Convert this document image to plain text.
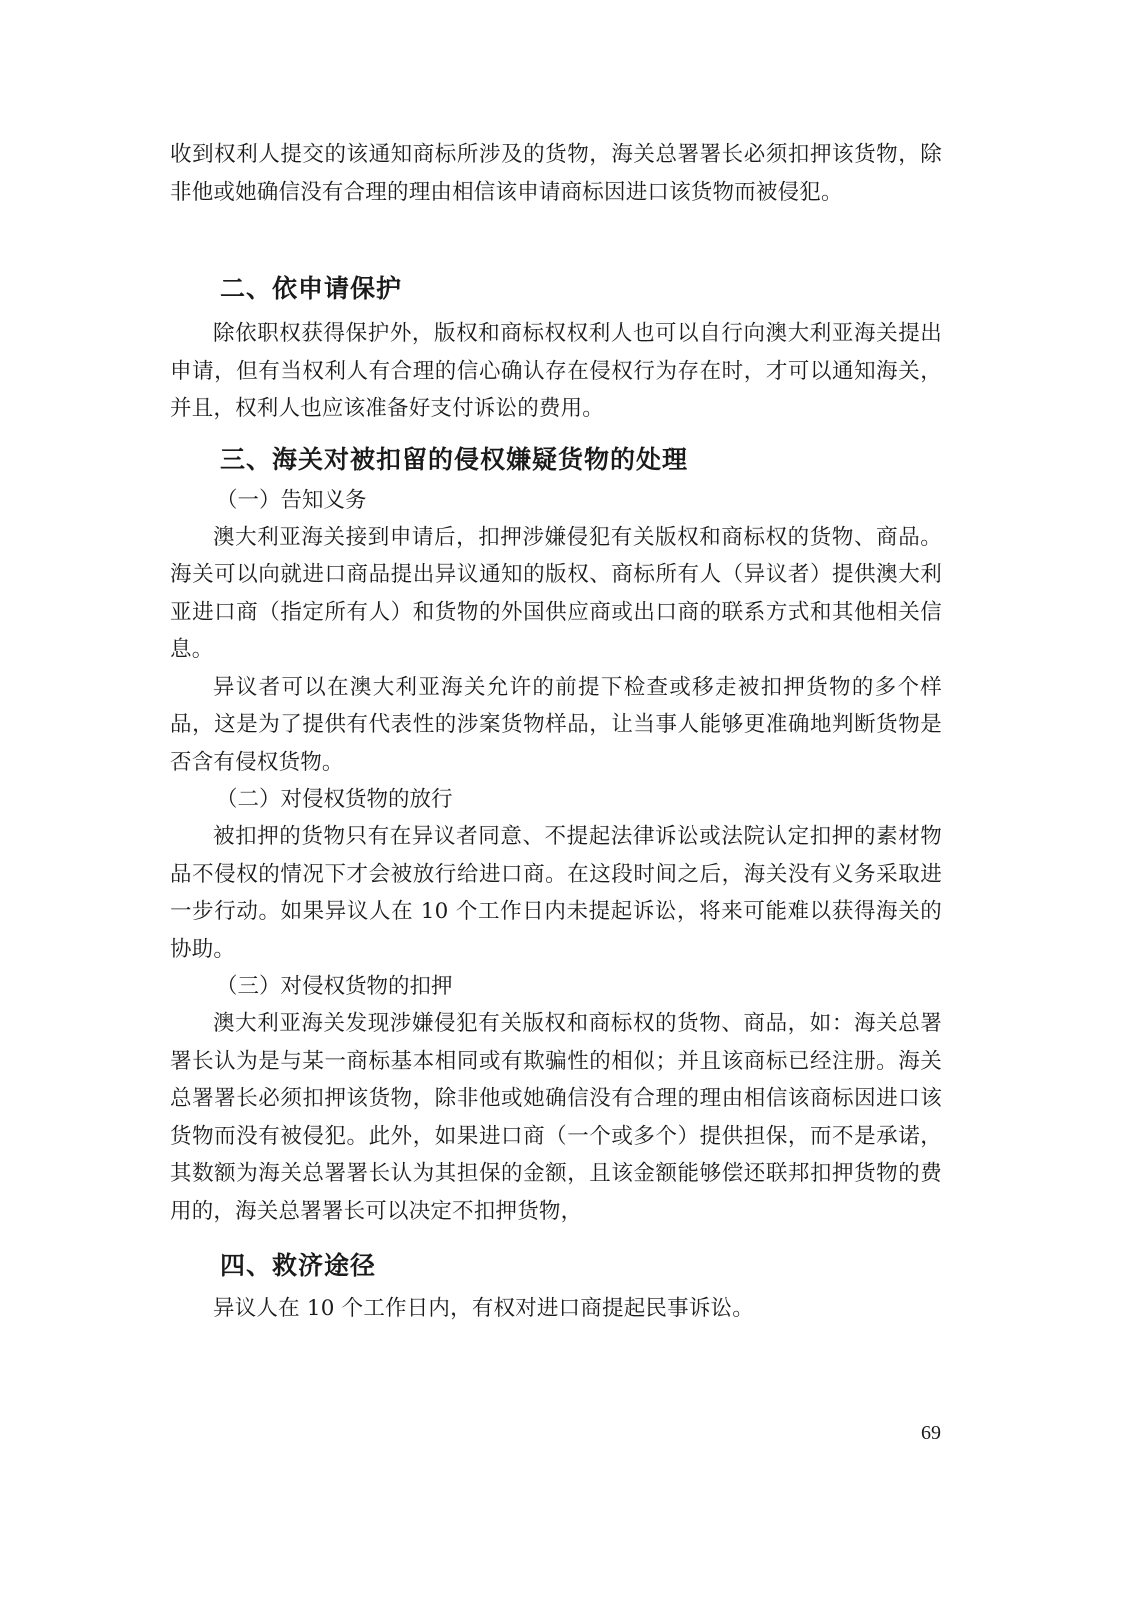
收到权利人提交的该通知商标所涉及的货物，海关总署署长必须扣押该货物，除非他或她确信没有合理的理由相信该申请商标因进口该货物而被侵犯。

二、依申请保护

除依职权获得保护外，版权和商标权权利人也可以自行向澳大利亚海关提出申请，但有当权利人有合理的信心确认存在侵权行为存在时，才可以通知海关，并且，权利人也应该准备好支付诉讼的费用。

三、海关对被扣留的侵权嫌疑货物的处理

（一）告知义务

澳大利亚海关接到申请后，扣押涉嫌侵犯有关版权和商标权的货物、商品。海关可以向就进口商品提出异议通知的版权、商标所有人（异议者）提供澳大利亚进口商（指定所有人）和货物的外国供应商或出口商的联系方式和其他相关信息。

异议者可以在澳大利亚海关允许的前提下检查或移走被扣押货物的多个样品，这是为了提供有代表性的涉案货物样品，让当事人能够更准确地判断货物是否含有侵权货物。

（二）对侵权货物的放行

被扣押的货物只有在异议者同意、不提起法律诉讼或法院认定扣押的素材物品不侵权的情况下才会被放行给进口商。在这段时间之后，海关没有义务采取进一步行动。如果异议人在 10 个工作日内未提起诉讼，将来可能难以获得海关的协助。

（三）对侵权货物的扣押

澳大利亚海关发现涉嫌侵犯有关版权和商标权的货物、商品，如：海关总署署长认为是与某一商标基本相同或有欺骗性的相似；并且该商标已经注册。海关总署署长必须扣押该货物，除非他或她确信没有合理的理由相信该商标因进口该货物而没有被侵犯。此外，如果进口商（一个或多个）提供担保，而不是承诺，其数额为海关总署署长认为其担保的金额，且该金额能够偿还联邦扣押货物的费用的，海关总署署长可以决定不扣押货物，

四、救济途径

异议人在 10 个工作日内，有权对进口商提起民事诉讼。

69
